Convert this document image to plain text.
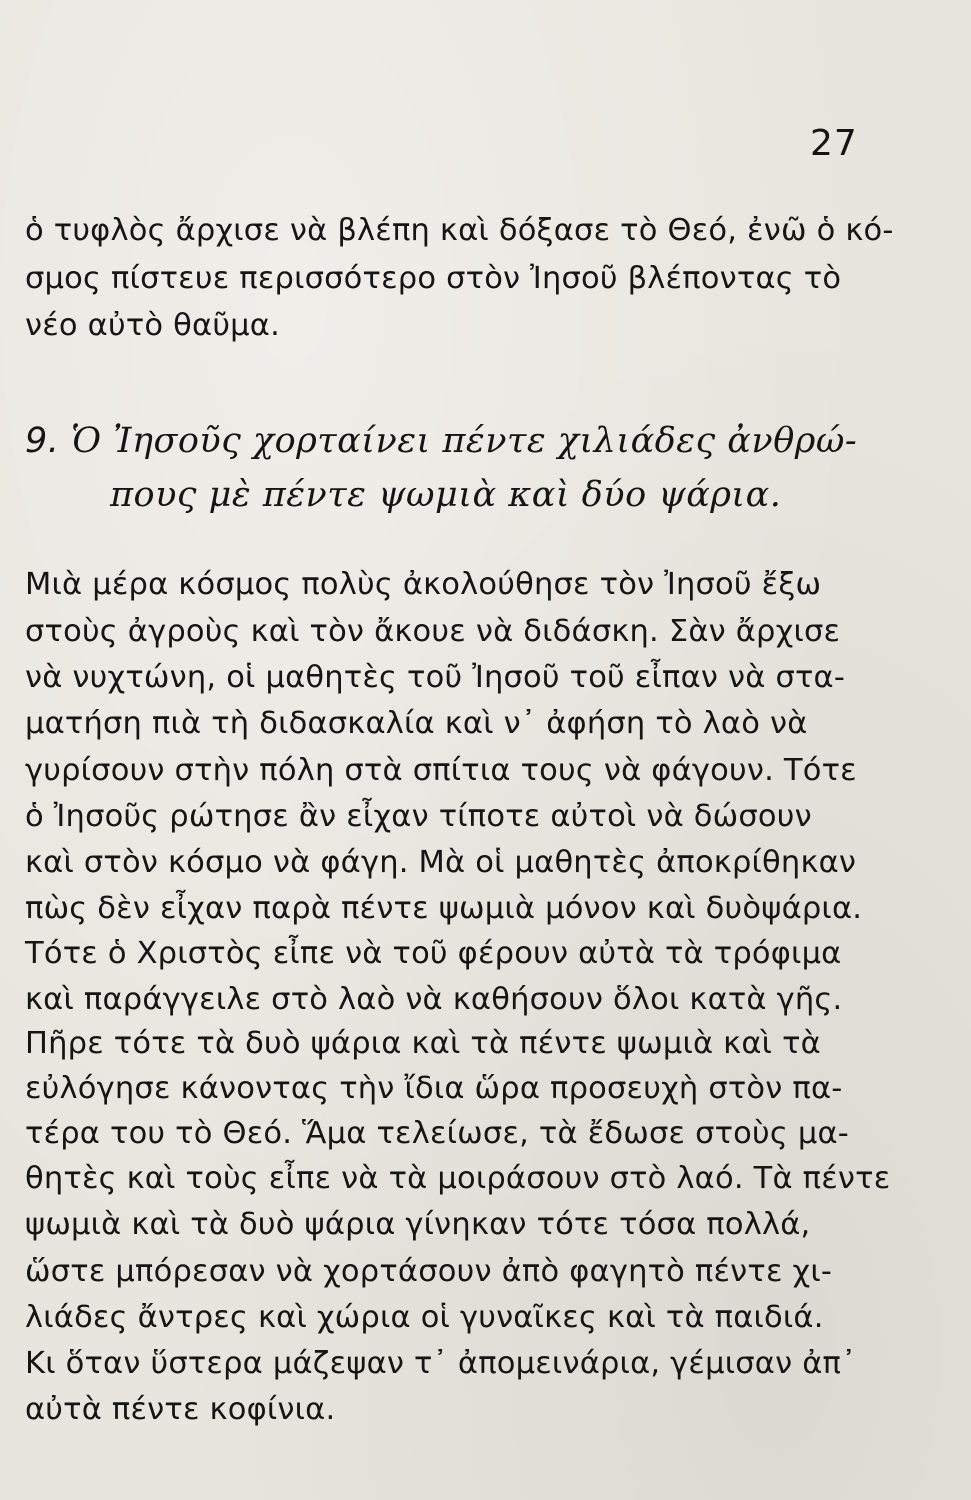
27
ὁ τυφλὸς ἄρχισε νὰ βλέπη καὶ δόξασε τὸ Θεό, ἐνῶ ὁ κό-
σμος πίστευε περισσότερο στὸν Ἰησοῦ βλέποντας τὸ
νέο αὐτὸ θαῦμα.
9. Ὁ Ἰησοῦς χορταίνει πέντε χιλιάδες ἀνθρώ-
πους μὲ πέντε ψωμιὰ καὶ δύο ψάρια.
Μιὰ μέρα κόσμος πολὺς ἀκολούθησε τὸν Ἰησοῦ ἔξω
στοὺς ἀγροὺς καὶ τὸν ἄκουε νὰ διδάσκη. Σὰν ἄρχισε
νὰ νυχτώνη, οἱ μαθητὲς τοῦ Ἰησοῦ τοῦ εἶπαν νὰ στα-
ματήση πιὰ τὴ διδασκαλία καὶ ν᾽ ἀφήση τὸ λαὸ νὰ
γυρίσουν στὴν πόλη στὰ σπίτια τους νὰ φάγουν. Τότε
ὁ Ἰησοῦς ρώτησε ἂν εἶχαν τίποτε αὐτοὶ νὰ δώσουν
καὶ στὸν κόσμο νὰ φάγη. Μὰ οἱ μαθητὲς ἀποκρίθηκαν
πὼς δὲν εἶχαν παρὰ πέντε ψωμιὰ μόνον καὶ δυὸψάρια.
Τότε ὁ Χριστὸς εἶπε νὰ τοῦ φέρουν αὐτὰ τὰ τρόφιμα
καὶ παράγγειλε στὸ λαὸ νὰ καθήσουν ὅλοι κατὰ γῆς.
Πῆρε τότε τὰ δυὸ ψάρια καὶ τὰ πέντε ψωμιὰ καὶ τὰ
εὐλόγησε κάνοντας τὴν ἴδια ὥρα προσευχὴ στὸν πα-
τέρα του τὸ Θεό. Ἅμα τελείωσε, τὰ ἔδωσε στοὺς μα-
θητὲς καὶ τοὺς εἶπε νὰ τὰ μοιράσουν στὸ λαό. Τὰ πέντε
ψωμιὰ καὶ τὰ δυὸ ψάρια γίνηκαν τότε τόσα πολλά,
ὥστε μπόρεσαν νὰ χορτάσουν ἀπὸ φαγητὸ πέντε χι-
λιάδες ἄντρες καὶ χώρια οἱ γυναῖκες καὶ τὰ παιδιά.
Κι ὅταν ὕστερα μάζεψαν τ᾽ ἀπομεινάρια, γέμισαν ἀπ᾽
αὐτὰ πέντε κοφίνια.
